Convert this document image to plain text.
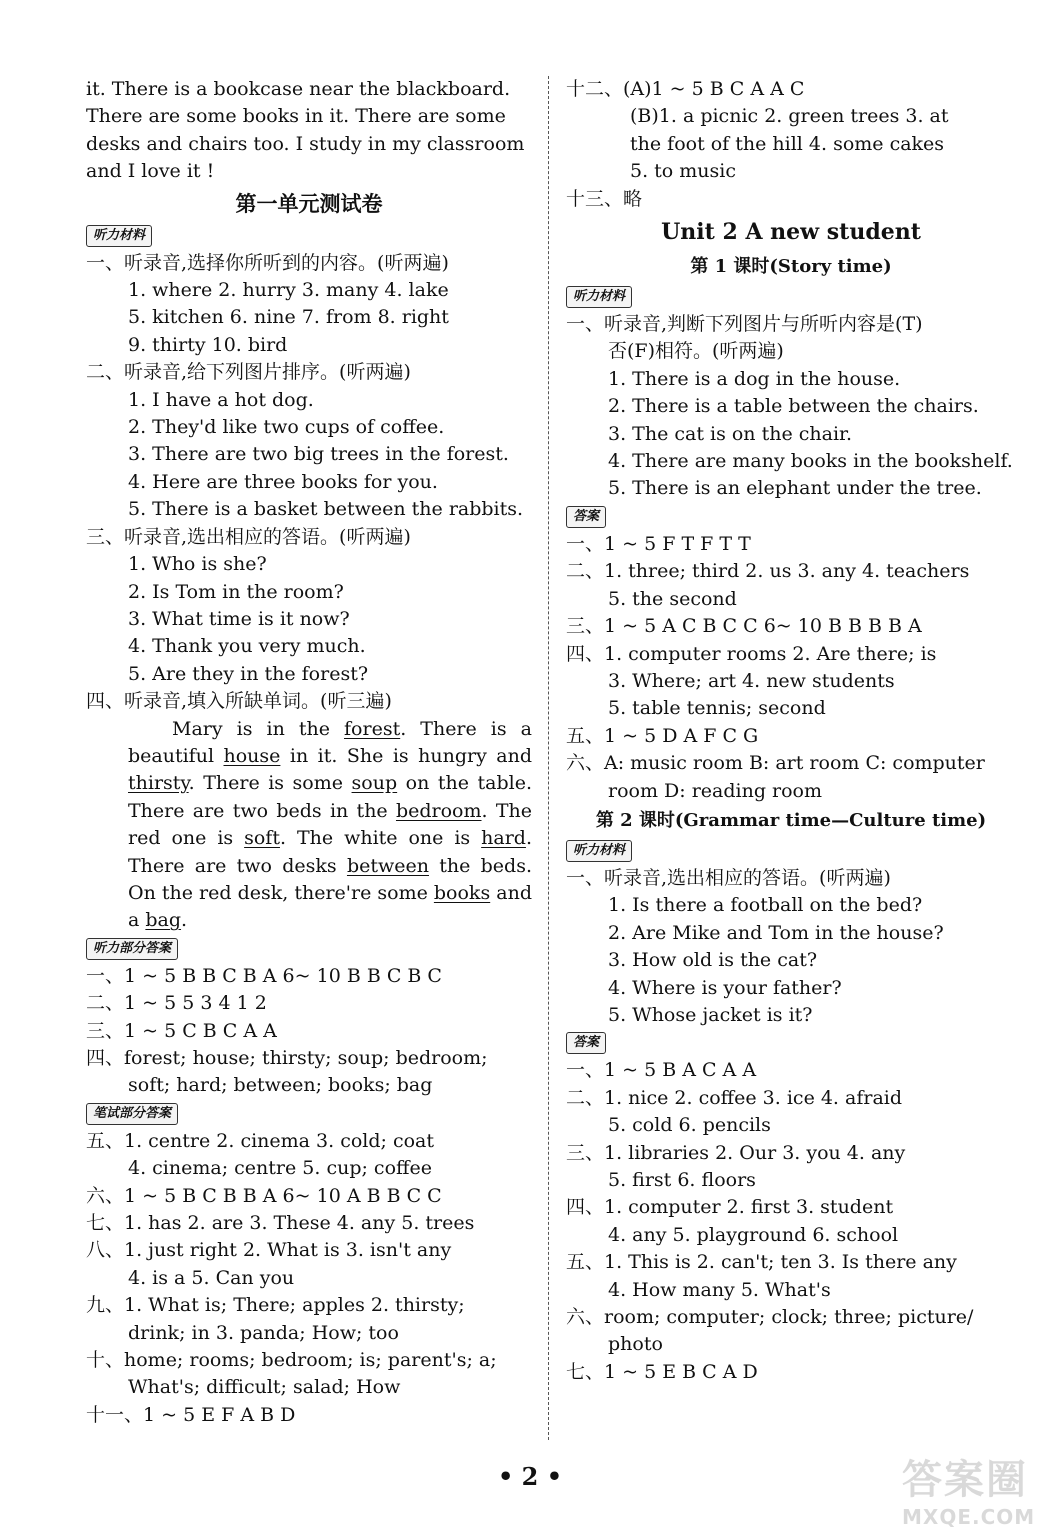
it. There is a bookcase near the blackboard.
There are some books in it. There are some
desks and chairs too. I study in my classroom
and I love it !
第一单元测试卷
听力材料
一、听录音,选择你所听到的内容。(听两遍)
1. where 2. hurry 3. many 4. lake
5. kitchen 6. nine 7. from 8. right
9. thirty 10. bird
二、听录音,给下列图片排序。(听两遍)
1. I have a hot dog.
2. They'd like two cups of coffee.
3. There are two big trees in the forest.
4. Here are three books for you.
5. There is a basket between the rabbits.
三、听录音,选出相应的答语。(听两遍)
1. Who is she?
2. Is Tom in the room?
3. What time is it now?
4. Thank you very much.
5. Are they in the forest?
四、听录音,填入所缺单词。(听三遍)
Mary is in the forest. There is a
beautiful house in it. She is hungry and
thirsty. There is some soup on the table.
There are two beds in the bedroom. The
red one is soft. The white one is hard.
There are two desks between the beds.
On the red desk, there're some books and
a bag.
听力部分答案
一、1 ~ 5 B B C B A 6~ 10 B B C B C
二、1 ~ 5 5 3 4 1 2
三、1 ~ 5 C B C A A
四、forest; house; thirsty; soup; bedroom;
soft; hard; between; books; bag
笔试部分答案
五、1. centre 2. cinema 3. cold; coat
4. cinema; centre 5. cup; coffee
六、1 ~ 5 B C B B A 6~ 10 A B B C C
七、1. has 2. are 3. These 4. any 5. trees
八、1. just right 2. What is 3. isn't any
4. is a 5. Can you
九、1. What is; There; apples 2. thirsty;
drink; in 3. panda; How; too
十、home; rooms; bedroom; is; parent's; a;
What's; difficult; salad; How
十一、1 ~ 5 E F A B D
十二、(A)1 ~ 5 B C A A C
(B)1. a picnic 2. green trees 3. at
the foot of the hill 4. some cakes
5. to music
十三、略
Unit 2 A new student
第 1 课时(Story time)
听力材料
一、听录音,判断下列图片与所听内容是(T)
否(F)相符。(听两遍)
1. There is a dog in the house.
2. There is a table between the chairs.
3. The cat is on the chair.
4. There are many books in the bookshelf.
5. There is an elephant under the tree.
答案
一、1 ~ 5 F T F T T
二、1. three; third 2. us 3. any 4. teachers
5. the second
三、1 ~ 5 A C B C C 6~ 10 B B B B A
四、1. computer rooms 2. Are there; is
3. Where; art 4. new students
5. table tennis; second
五、1 ~ 5 D A F C G
六、A: music room B: art room C: computer
room D: reading room
第 2 课时(Grammar time—Culture time)
听力材料
一、听录音,选出相应的答语。(听两遍)
1. Is there a football on the bed?
2. Are Mike and Tom in the house?
3. How old is the cat?
4. Where is your father?
5. Whose jacket is it?
答案
一、1 ~ 5 B A C A A
二、1. nice 2. coffee 3. ice 4. afraid
5. cold 6. pencils
三、1. libraries 2. Our 3. you 4. any
5. first 6. floors
四、1. computer 2. first 3. student
4. any 5. playground 6. school
五、1. This is 2. can't; ten 3. Is there any
4. How many 5. What's
六、room; computer; clock; three; picture/
photo
七、1 ~ 5 E B C A D
• 2 •	答案圈
MXQE.COM
